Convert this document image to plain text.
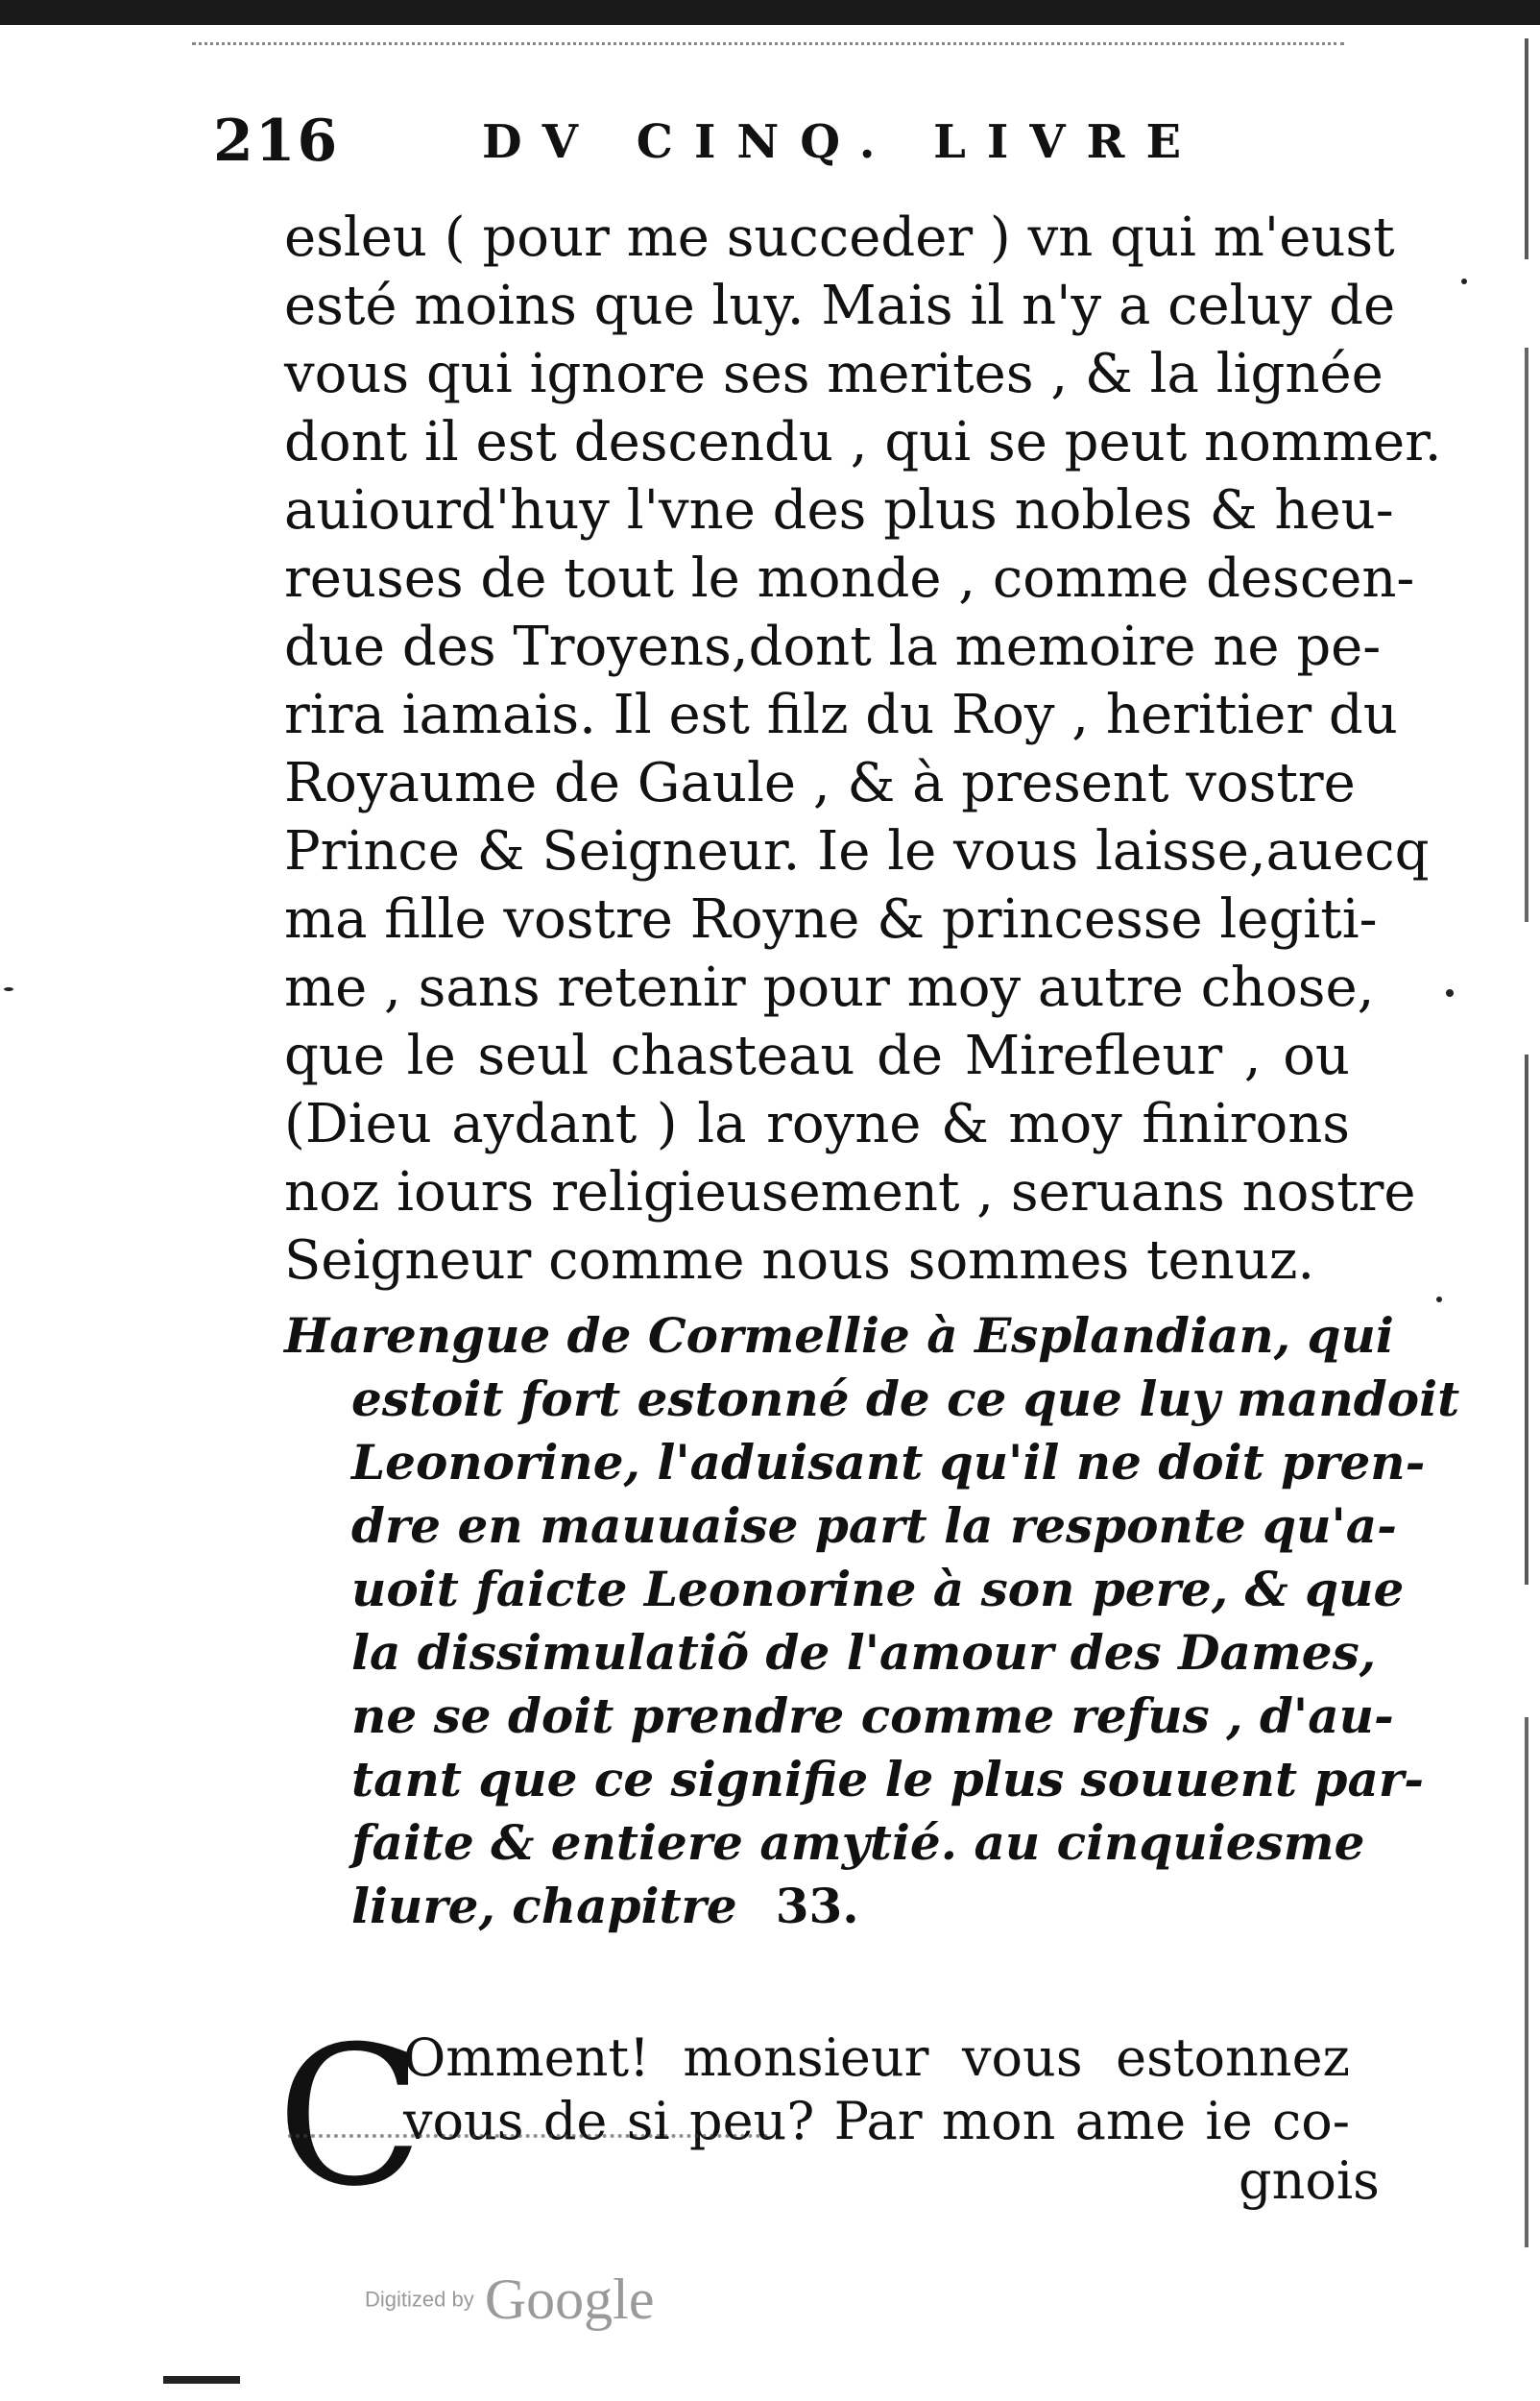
216	DV CINQ. LIVRE
esleu ( pour me succeder ) vn qui m'eust
esté moins que luy. Mais il n'y a celuy de
vous qui ignore ses merites , & la lignée
dont il est descendu , qui se peut nommer.
auiourd'huy l'vne des plus nobles & heu-
reuses de tout le monde , comme descen-
due des Troyens,dont la memoire ne pe-
rira iamais. Il est filz du Roy , heritier du
Royaume de Gaule , & à present vostre
Prince & Seigneur. Ie le vous laisse,auecq
ma fille vostre Royne & princesse legiti-
me , sans retenir pour moy autre chose,
que le seul chasteau de Mirefleur , ou
(Dieu aydant ) la royne & moy finirons
noz iours religieusement , seruans nostre
Seigneur comme nous sommes tenuz.
Harengue de Cormellie à Esplandian, qui
estoit fort estonné de ce que luy mandoit
Leonorine, l'aduisant qu'il ne doit pren-
dre en mauuaise part la responte qu'a-
uoit faicte Leonorine à son pere, & que
la dissimulatiõ de l'amour des Dames,
ne se doit prendre comme refus , d'au-
tant que ce signifie le plus souuent par-
faite & entiere amytié. au cinquiesme
liure, chapitre 33.
C
Omment! monsieur vous estonnez
vous de si peu? Par mon ame ie co-
gnois
Digitized by Google
